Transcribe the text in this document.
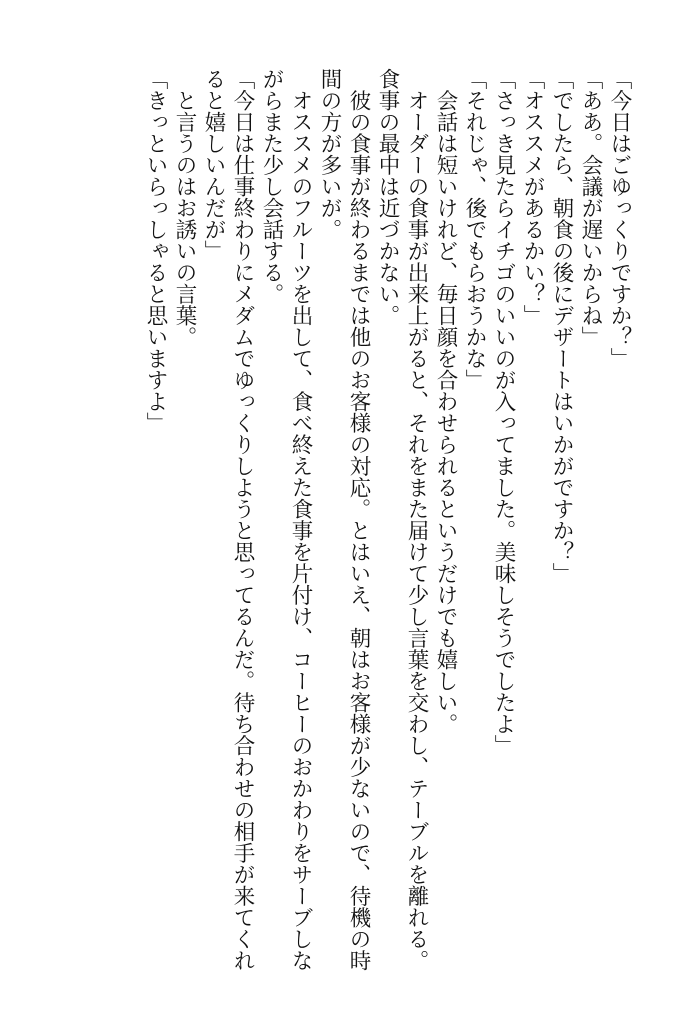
「今日はごゆっくりですか？」
「ああ。会議が遅いからね」
「でしたら、朝食の後にデザートはいかがですか？」
「オススメがあるかい？」
「さっき見たらイチゴのいいのが入ってました。美味しそうでしたよ」
「それじゃ、後でもらおうかな」
　会話は短いけれど、毎日顔を合わせられるというだけでも嬉しい。
　オーダーの食事が出来上がると、それをまた届けて少し言葉を交わし、テーブルを離れる。
食事の最中は近づかない。
　彼の食事が終わるまでは他のお客様の対応。とはいえ、朝はお客様が少ないので、待機の時
間の方が多いが。
　オススメのフルーツを出して、食べ終えた食事を片付け、コーヒーのおかわりをサーブしな
がらまた少し会話する。
「今日は仕事終わりにメダムでゆっくりしようと思ってるんだ。待ち合わせの相手が来てくれ
ると嬉しいんだが」
　と言うのはお誘いの言葉。
「きっといらっしゃると思いますよ」
